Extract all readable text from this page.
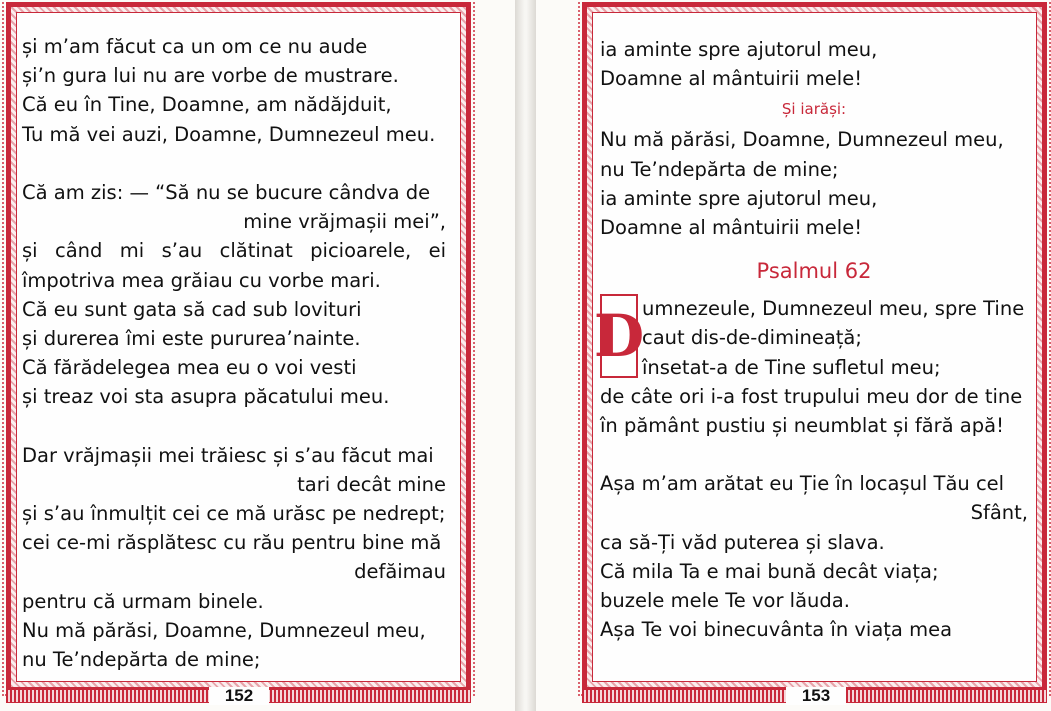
și m’am făcut ca un om ce nu aude
și’n gura lui nu are vorbe de mustrare.
Că eu în Tine, Doamne, am nădăjduit,
Tu mă vei auzi, Doamne, Dumnezeul meu.
Că am zis: — “Să nu se bucure cândva de
mine vrăjmașii mei”,
și când mi s’au clătinat picioarele, ei
împotriva mea grăiau cu vorbe mari.
Că eu sunt gata să cad sub lovituri
și durerea îmi este pururea’nainte.
Că fărădelegea mea eu o voi vesti
și treaz voi sta asupra păcatului meu.
Dar vrăjmașii mei trăiesc și s’au făcut mai
tari decât mine
și s’au înmulțit cei ce mă urăsc pe nedrept;
cei ce-mi răsplătesc cu rău pentru bine mă
defăimau
pentru că urmam binele.
Nu mă părăsi, Doamne, Dumnezeul meu,
nu Te’ndepărta de mine;
152
ia aminte spre ajutorul meu,
Doamne al mântuirii mele!
Și iarăși:
Nu mă părăsi, Doamne, Dumnezeul meu,
nu Te’ndepărta de mine;
ia aminte spre ajutorul meu,
Doamne al mântuirii mele!
Psalmul 62
D
umnezeule, Dumnezeul meu, spre Tine
caut dis-de-dimineață;
însetat-a de Tine sufletul meu;
de câte ori i-a fost trupului meu dor de tine
în pământ pustiu și neumblat și fără apă!
Așa m’am arătat eu Ție în locașul Tău cel
Sfânt,
ca să-Ți văd puterea și slava.
Că mila Ta e mai bună decât viața;
buzele mele Te vor lăuda.
Așa Te voi binecuvânta în viața mea
153
